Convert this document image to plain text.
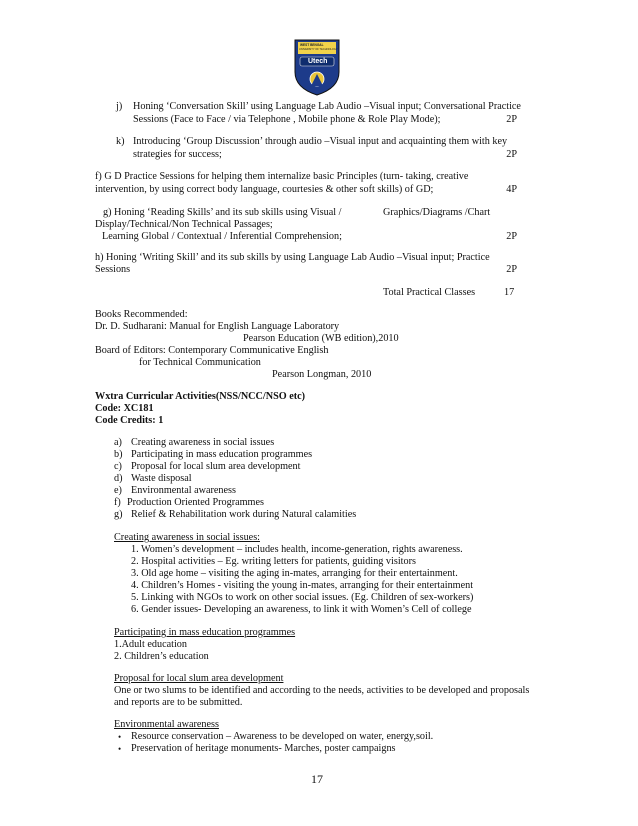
WEST BENGAL
UNIVERSITY OF TECHNOLOGY
Utech
j) Honing ‘Conversation Skill’ using Language Lab Audio –Visual input; Conversational Practice
Sessions (Face to Face / via Telephone , Mobile phone & Role Play Mode);	2P
k) Introducing ‘Group Discussion’ through audio –Visual input and acquainting them with key
strategies for success;	2P
f) G D Practice Sessions for helping them internalize basic Principles (turn- taking, creative
intervention, by using correct body language, courtesies & other soft skills) of GD;	4P
g) Honing ‘Reading Skills’ and its sub skills using Visual /	Graphics/Diagrams /Chart
Display/Technical/Non Technical Passages;
Learning Global / Contextual / Inferential Comprehension;	2P
h) Honing ‘Writing Skill’ and its sub skills by using Language Lab Audio –Visual input; Practice
Sessions	2P
Total Practical Classes	17
Books Recommended:
Dr. D. Sudharani: Manual for English Language Laboratory
Pearson Education (WB edition),2010
Board of Editors: Contemporary Communicative English
for Technical Communication
Pearson Longman, 2010
Wxtra Curricular Activities(NSS/NCC/NSO etc)
Code: XC181
Code Credits: 1
a) Creating awareness in social issues
b) Participating in mass education programmes
c) Proposal for local slum area development
d) Waste disposal
e) Environmental awareness
f) Production Oriented Programmes
g) Relief & Rehabilitation work during Natural calamities
Creating awareness in social issues:
1. Women’s development – includes health, income-generation, rights awareness.
2. Hospital activities – Eg. writing letters for patients, guiding visitors
3. Old age home – visiting the aging in-mates, arranging for their entertainment.
4. Children’s Homes - visiting the young in-mates, arranging for their entertainment
5. Linking with NGOs to work on other social issues. (Eg. Children of sex-workers)
6. Gender issues- Developing an awareness, to link it with Women’s Cell of college
Participating in mass education programmes
1.Adult education
2. Children’s education
Proposal for local slum area development
One or two slums to be identified and according to the needs, activities to be developed and proposals
and reports are to be submitted.
Environmental awareness
• Resource conservation – Awareness to be developed on water, energy,soil.
• Preservation of heritage monuments- Marches, poster campaigns
17
